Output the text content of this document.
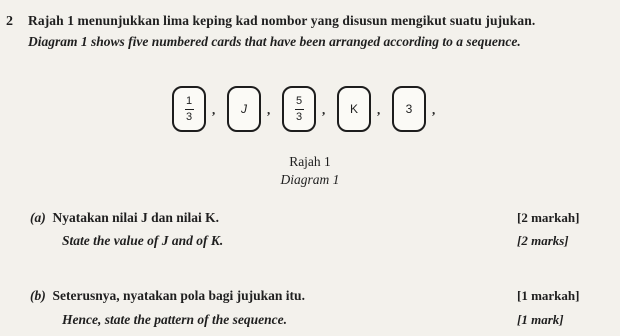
2 Rajah 1 menunjukkan lima keping kad nombor yang disusun mengikut suatu jujukan.
Diagram 1 shows five numbered cards that have been arranged according to a sequence.
$\frac{1}{3}$ , J , $\frac{5}{3}$ , K , 3 ,
Rajah 1
Diagram 1
(a) Nyatakan nilai J dan nilai K.
State the value of J and of K.
[2 markah]
[2 marks]
(b) Seterusnya, nyatakan pola bagi jujukan itu.
Hence, state the pattern of the sequence.
[1 markah]
[1 mark]
